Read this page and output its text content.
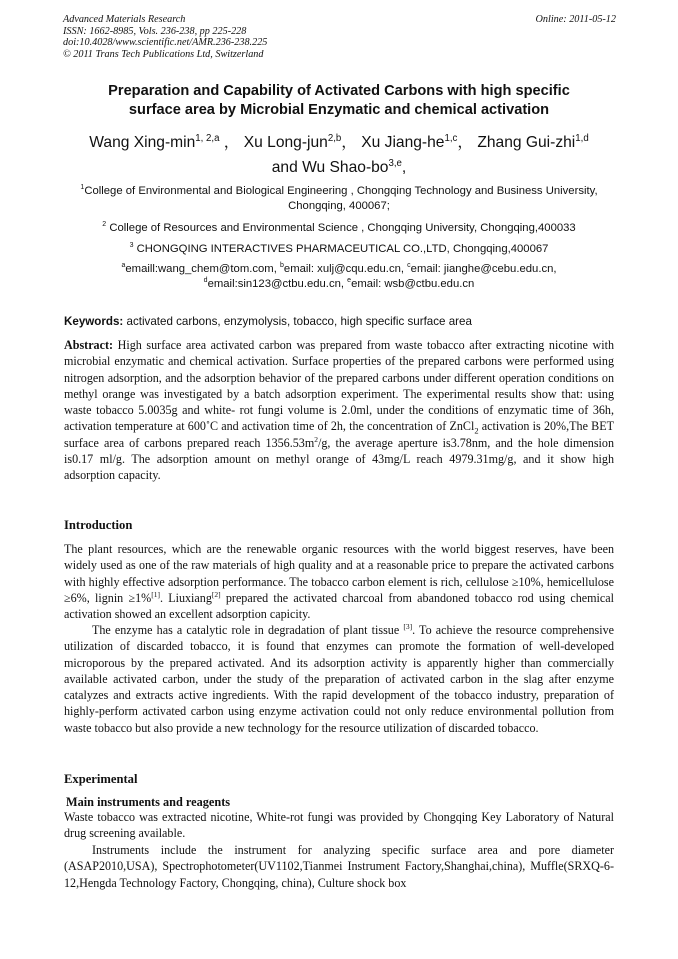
Advanced Materials Research
ISSN: 1662-8985, Vols. 236-238, pp 225-228
doi:10.4028/www.scientific.net/AMR.236-238.225
© 2011 Trans Tech Publications Ltd, Switzerland
Online: 2011-05-12
Preparation and Capability of Activated Carbons with high specific
surface area by Microbial Enzymatic and chemical activation
Wang Xing-$\min^{1, 2,a}$ ， Xu Long-jun$^{2,b}$， Xu Jiang-he$^{1,c}$， Zhang Gui-zhi$^{1,d}$
and Wu Shao-bo$^{3,e}$,
$^1$College of Environmental and Biological Engineering , Chongqing Technology and Business University, Chongqing, 400067;
$^2$ College of Resources and Environmental Science , Chongqing University, Chongqing,400033
$^3$ CHONGQING INTERACTIVES PHARMACEUTICAL CO.,LTD, Chongqing,400067
$^a$emaill:wang_chem@tom.com, $^b$email: xulj@cqu.edu.cn, $^c$email: jianghe@cebu.edu.cn,
$^d$email:sin123@ctbu.edu.cn, $^e$email: wsb@ctbu.edu.cn
Keywords: activated carbons, enzymolysis, tobacco, high specific surface area
Abstract: High surface area activated carbon was prepared from waste tobacco after extracting nicotine with microbial enzymatic and chemical activation. Surface properties of the prepared carbons were performed using nitrogen adsorption, and the adsorption behavior of the prepared carbons under different operation conditions on methyl orange was investigated by a batch adsorption experiment. The experimental results show that: using waste tobacco 5.0035g and white- rot fungi volume is 2.0ml, under the conditions of enzymatic time of 36h, activation temperature at 600˚C and activation time of 2h, the concentration of ZnCl$_2$ activation is 20%,The BET surface area of carbons prepared reach $1356.53m^2/g$, the average aperture is3.78nm, and the hole dimension is0.17 ml/g. The adsorption amount on methyl orange of 43mg/L reach 4979.31mg/g, and it show high adsorption capacity.
Introduction
The plant resources, which are the renewable organic resources with the world biggest reserves, have been widely used as one of the raw materials of high quality and at a reasonable price to prepare the activated carbons with highly effective adsorption performance. The tobacco carbon element is rich, cellulose ≥10%, hemicellulose ≥6%, lignin ≥1%[1]. Liuxiang[2] prepared the activated charcoal from abandoned tobacco rod using chemical activation showed an excellent adsorption capicity.
The enzyme has a catalytic role in degradation of plant tissue [3]. To achieve the resource comprehensive utilization of discarded tobacco, it is found that enzymes can promote the formation of well-developed microporous by the prepared activated. And its adsorption activity is apparently higher than commercially available activated carbon, under the study of the preparation of activated carbon in the slag after enzyme catalyzes and extracts active ingredients. With the rapid development of the tobacco industry, preparation of highly-perform activated carbon using enzyme activation could not only reduce environmental pollution from waste tobacco but also provide a new technology for the resource utilization of discarded tobacco.
Experimental
Main instruments and reagents
Waste tobacco was extracted nicotine, White-rot fungi was provided by Chongqing Key Laboratory of Natural drug screening available.
Instruments include the instrument for analyzing specific surface area and pore diameter (ASAP2010,USA), Spectrophotometer(UV1102,Tianmei Instrument Factory,Shanghai,china), Muffle(SRXQ-6-12,Hengda Technology Factory, Chongqing, china), Culture shock box
